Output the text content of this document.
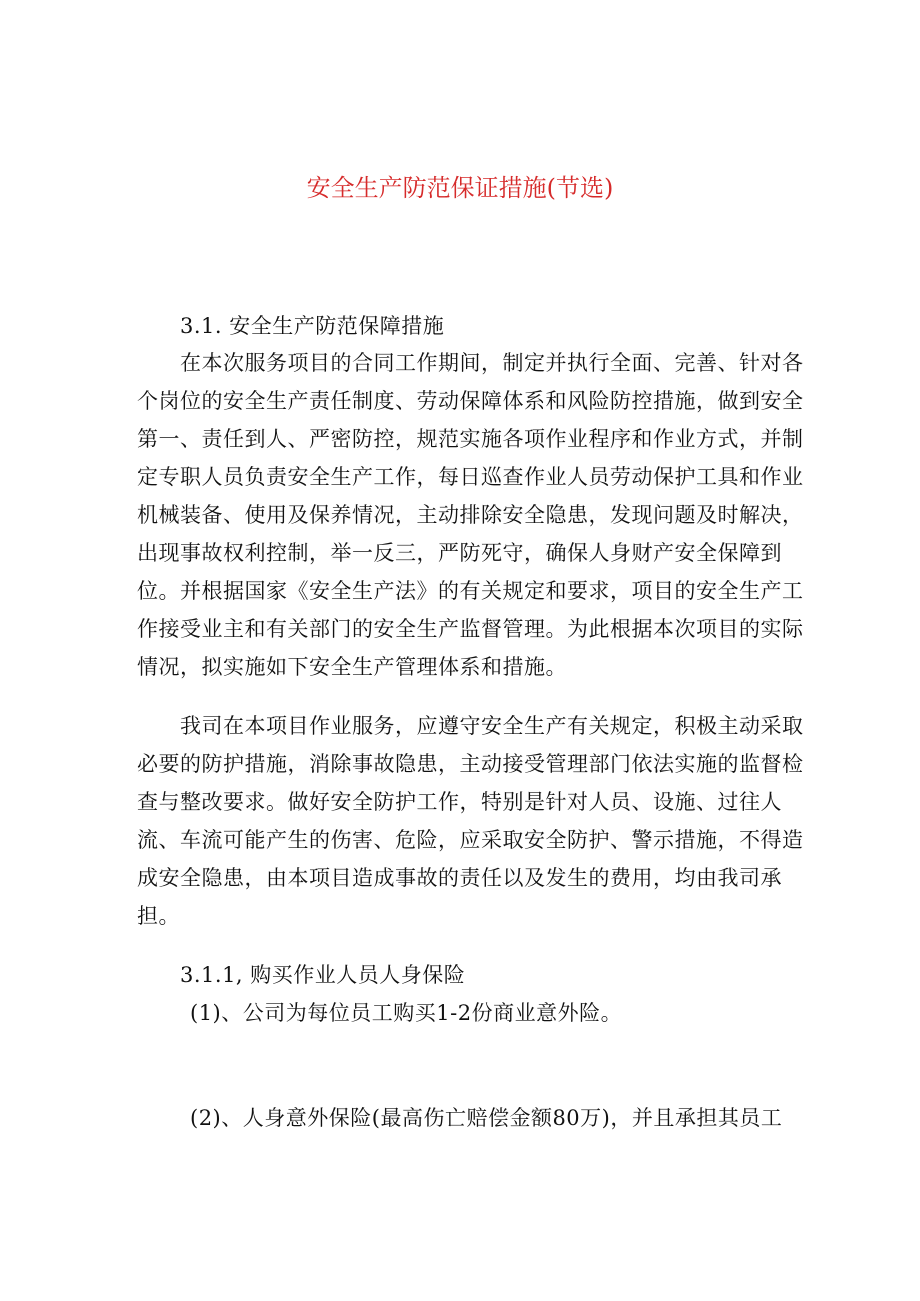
安全生产防范保证措施(节选)
3.1. 安全生产防范保障措施
在本次服务项目的合同工作期间，制定并执行全面、完善、针对各
个岗位的安全生产责任制度、劳动保障体系和风险防控措施，做到安全
第一、责任到人、严密防控，规范实施各项作业程序和作业方式，并制
定专职人员负责安全生产工作，每日巡查作业人员劳动保护工具和作业
机械装备、使用及保养情况，主动排除安全隐患，发现问题及时解决，
出现事故权利控制，举一反三，严防死守，确保人身财产安全保障到
位。并根据国家《安全生产法》的有关规定和要求，项目的安全生产工
作接受业主和有关部门的安全生产监督管理。为此根据本次项目的实际
情况，拟实施如下安全生产管理体系和措施。
我司在本项目作业服务，应遵守安全生产有关规定，积极主动采取
必要的防护措施，消除事故隐患，主动接受管理部门依法实施的监督检
查与整改要求。做好安全防护工作，特别是针对人员、设施、过往人
流、车流可能产生的伤害、危险，应采取安全防护、警示措施，不得造
成安全隐患，由本项目造成事故的责任以及发生的费用，均由我司承
担。
3.1.1, 购买作业人员人身保险
(1)、公司为每位员工购买1-2份商业意外险。
(2)、人身意外保险(最高伤亡赔偿金额80万)，并且承担其员工
